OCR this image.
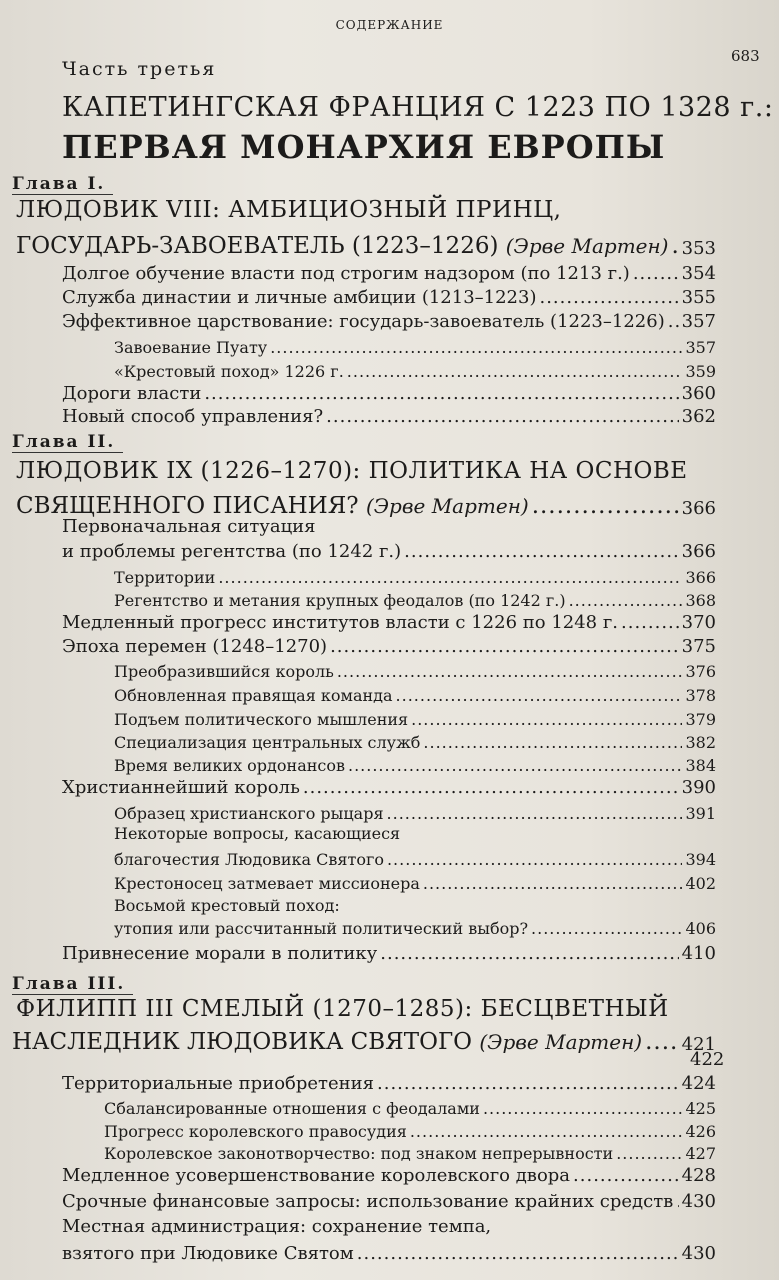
СОДЕРЖАНИЕ
683
Часть третья
КАПЕТИНГСКАЯ ФРАНЦИЯ С 1223 ПО 1328 г.:
ПЕРВАЯ МОНАРХИЯ ЕВРОПЫ
Глава I.
ЛЮДОВИК VIII: АМБИЦИОЗНЫЙ ПРИНЦ,
ГОСУДАРЬ-ЗАВОЕВАТЕЛЬ (1223–1226) (Эрве Мартен) ..... 353
Долгое обучение власти под строгим надзором (по 1213 г.) .....	354
Служба династии и личные амбиции (1213–1223) .....	355
Эффективное царствование: государь-завоеватель (1223–1226) ..... 357
Завоевание Пуату .....	357
«Крестовый поход» 1226 г. .....	359
Дороги власти .....	360
Новый способ управления? .....	362
Глава II.
ЛЮДОВИК IX (1226–1270): ПОЛИТИКА НА ОСНОВЕ
СВЯЩЕННОГО ПИСАНИЯ? (Эрве Мартен) .....	366
Первоначальная ситуация
и проблемы регентства (по 1242 г.) .....	366
Территории .....	366
Регентство и метания крупных феодалов (по 1242 г.) .....	368
Медленный прогресс институтов власти с 1226 по 1248 г. .....	370
Эпоха перемен (1248–1270) .....	375
Преобразившийся король .....	376
Обновленная правящая команда .....	378
Подъем политического мышления .....	379
Специализация центральных служб .....	382
Время великих ордонансов .....	384
Христианнейший король .....	390
Образец христианского рыцаря .....	391
Некоторые вопросы, касающиеся
благочестия Людовика Святого .....	394
Крестоносец затмевает миссионера .....	402
Восьмой крестовый поход:
утопия или рассчитанный политический выбор? .....	406
Привнесение морали в политику .....	410
Глава III.
ФИЛИПП III СМЕЛЫЙ (1270–1285): БЕСЦВЕТНЫЙ
НАСЛЕДНИК ЛЮДОВИКА СВЯТОГО (Эрве Мартен) ..... 421
422
Территориальные приобретения .....	424
Сбалансированные отношения с феодалами .....	425
Прогресс королевского правосудия .....	426
Королевское законотворчество: под знаком непрерывности .....	427
Медленное усовершенствование королевского двора .....	428
Срочные финансовые запросы: использование крайних средств ..... 430
Местная администрация: сохранение темпа,
взятого при Людовике Святом .....	430
